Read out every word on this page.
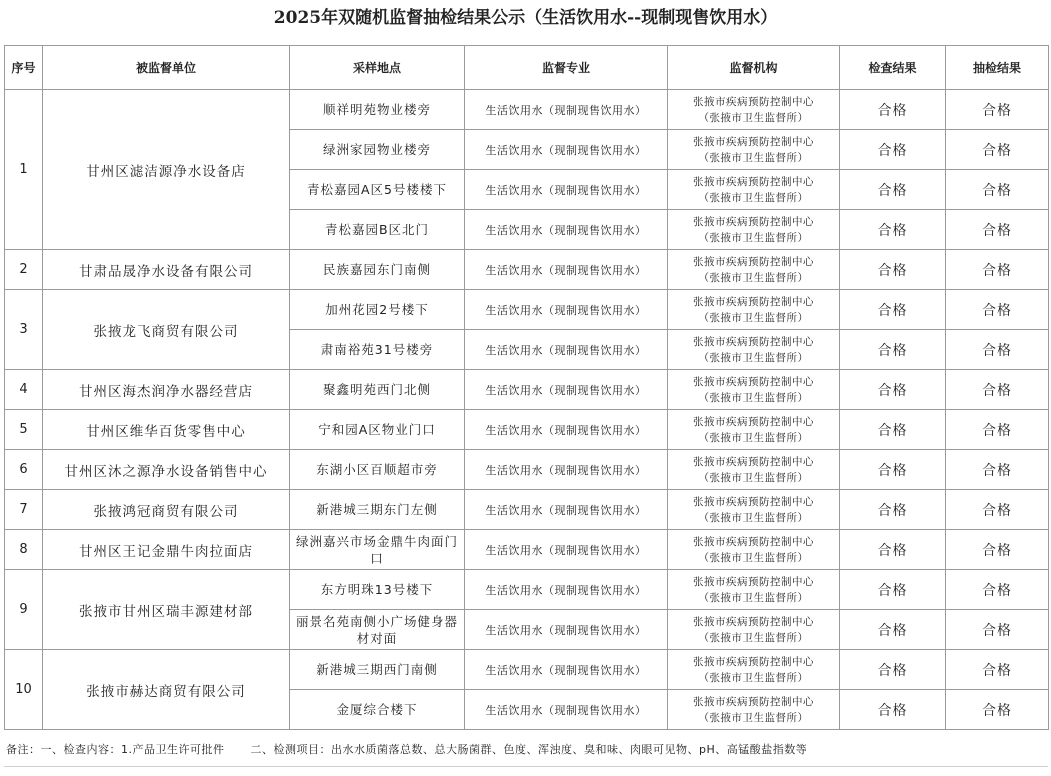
2025年双随机监督抽检结果公示（生活饮用水--现制现售饮用水）
序号	被监督单位	采样地点	监督专业	监督机构	检查结果	抽检结果
1	甘州区滤洁源净水设备店	顺祥明苑物业楼旁	生活饮用水（现制现售饮用水）	张掖市疾病预防控制中心
（张掖市卫生监督所）	合格	合格
		绿洲家园物业楼旁	生活饮用水（现制现售饮用水）	张掖市疾病预防控制中心
（张掖市卫生监督所）	合格	合格
		青松嘉园A区5号楼楼下	生活饮用水（现制现售饮用水）	张掖市疾病预防控制中心
（张掖市卫生监督所）	合格	合格
		青松嘉园B区北门	生活饮用水（现制现售饮用水）	张掖市疾病预防控制中心
（张掖市卫生监督所）	合格	合格
2	甘肃品晟净水设备有限公司	民族嘉园东门南侧	生活饮用水（现制现售饮用水）	张掖市疾病预防控制中心
（张掖市卫生监督所）	合格	合格
3	张掖龙飞商贸有限公司	加州花园2号楼下	生活饮用水（现制现售饮用水）	张掖市疾病预防控制中心
（张掖市卫生监督所）	合格	合格
		肃南裕苑31号楼旁	生活饮用水（现制现售饮用水）	张掖市疾病预防控制中心
（张掖市卫生监督所）	合格	合格
4	甘州区海杰润净水器经营店	聚鑫明苑西门北侧	生活饮用水（现制现售饮用水）	张掖市疾病预防控制中心
（张掖市卫生监督所）	合格	合格
5	甘州区维华百货零售中心	宁和园A区物业门口	生活饮用水（现制现售饮用水）	张掖市疾病预防控制中心
（张掖市卫生监督所）	合格	合格
6	甘州区沐之源净水设备销售中心	东湖小区百顺超市旁	生活饮用水（现制现售饮用水）	张掖市疾病预防控制中心
（张掖市卫生监督所）	合格	合格
7	张掖鸿冠商贸有限公司	新港城三期东门左侧	生活饮用水（现制现售饮用水）	张掖市疾病预防控制中心
（张掖市卫生监督所）	合格	合格
8	甘州区王记金鼎牛肉拉面店	绿洲嘉兴市场金鼎牛肉面门口	生活饮用水（现制现售饮用水）	张掖市疾病预防控制中心
（张掖市卫生监督所）	合格	合格
9	张掖市甘州区瑞丰源建材部	东方明珠13号楼下	生活饮用水（现制现售饮用水）	张掖市疾病预防控制中心
（张掖市卫生监督所）	合格	合格
		丽景名苑南侧小广场健身器材对面	生活饮用水（现制现售饮用水）	张掖市疾病预防控制中心
（张掖市卫生监督所）	合格	合格
10	张掖市赫达商贸有限公司	新港城三期西门南侧	生活饮用水（现制现售饮用水）	张掖市疾病预防控制中心
（张掖市卫生监督所）	合格	合格
		金厦综合楼下	生活饮用水（现制现售饮用水）	张掖市疾病预防控制中心
（张掖市卫生监督所）	合格	合格
备注：一、检查内容：1.产品卫生许可批件 二、检测项目：出水水质菌落总数、总大肠菌群、色度、浑浊度、臭和味、肉眼可见物、pH、高锰酸盐指数等
